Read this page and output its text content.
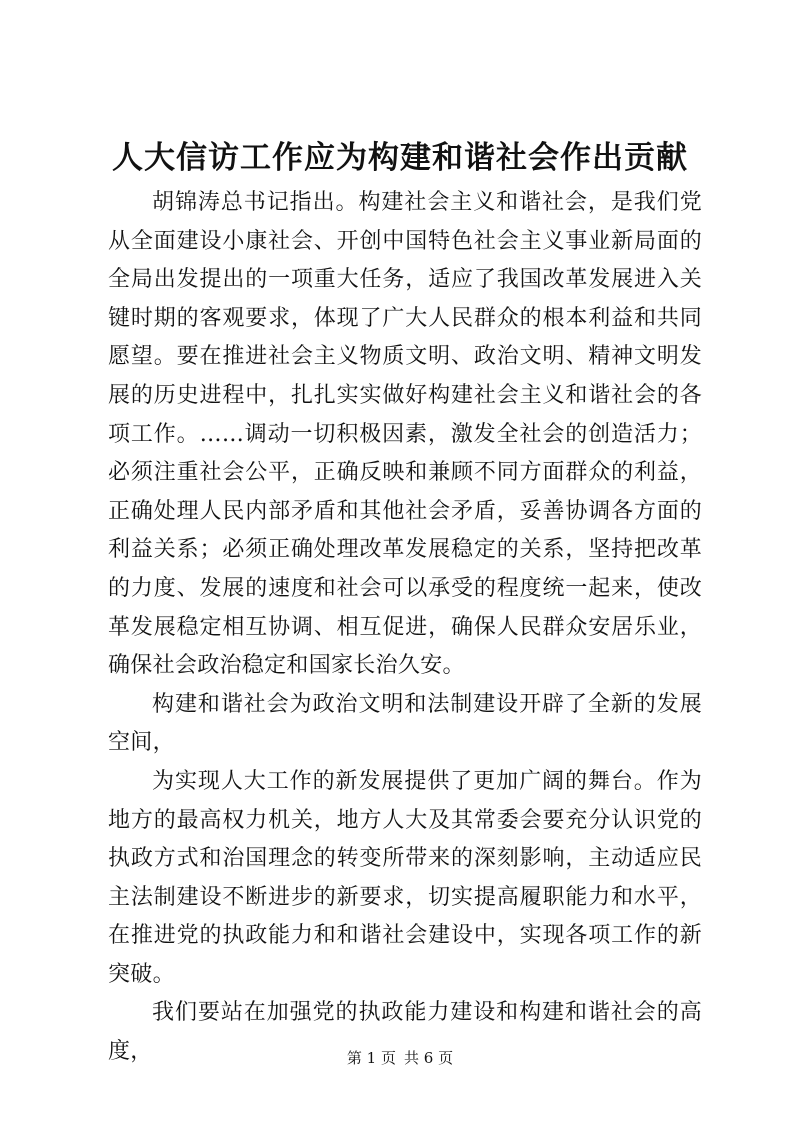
人大信访工作应为构建和谐社会作出贡献

胡锦涛总书记指出。构建社会主义和谐社会，是我们党从全面建设小康社会、开创中国特色社会主义事业新局面的全局出发提出的一项重大任务，适应了我国改革发展进入关键时期的客观要求，体现了广大人民群众的根本利益和共同愿望。要在推进社会主义物质文明、政治文明、精神文明发展的历史进程中，扎扎实实做好构建社会主义和谐社会的各项工作。……调动一切积极因素，激发全社会的创造活力；必须注重社会公平，正确反映和兼顾不同方面群众的利益，正确处理人民内部矛盾和其他社会矛盾，妥善协调各方面的利益关系；必须正确处理改革发展稳定的关系，坚持把改革的力度、发展的速度和社会可以承受的程度统一起来，使改革发展稳定相互协调、相互促进，确保人民群众安居乐业，确保社会政治稳定和国家长治久安。

构建和谐社会为政治文明和法制建设开辟了全新的发展空间，

为实现人大工作的新发展提供了更加广阔的舞台。作为地方的最高权力机关，地方人大及其常委会要充分认识党的执政方式和治国理念的转变所带来的深刻影响，主动适应民主法制建设不断进步的新要求，切实提高履职能力和水平，在推进党的执政能力和和谐社会建设中，实现各项工作的新突破。

我们要站在加强党的执政能力建设和构建和谐社会的高度，	第 1 页 共 6 页
